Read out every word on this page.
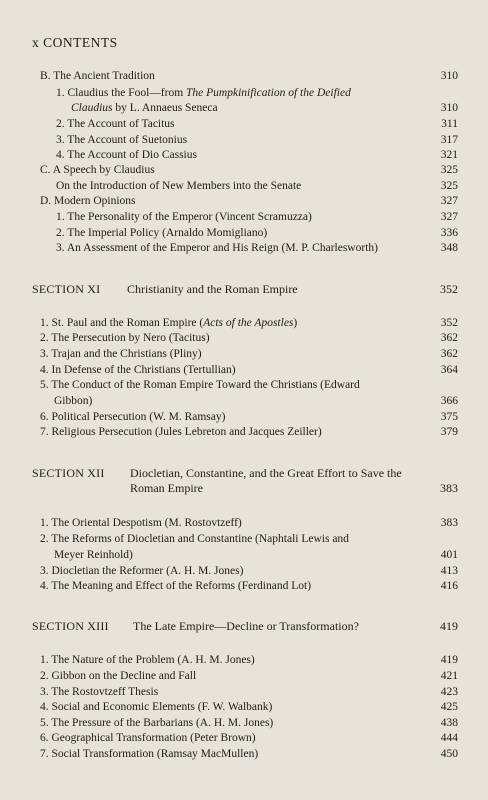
x CONTENTS
B. The Ancient Tradition	310
1. Claudius the Fool—from The Pumpkinification of the Deified
Claudius by L. Annaeus Seneca	310
2. The Account of Tacitus	311
3. The Account of Suetonius	317
4. The Account of Dio Cassius	321
C. A Speech by Claudius	325
On the Introduction of New Members into the Senate	325
D. Modern Opinions	327
1. The Personality of the Emperor (Vincent Scramuzza)	327
2. The Imperial Policy (Arnaldo Momigliano)	336
3. An Assessment of the Emperor and His Reign (M. P. Charlesworth)	348
SECTION XI Christianity and the Roman Empire	352
1. St. Paul and the Roman Empire (Acts of the Apostles)	352
2. The Persecution by Nero (Tacitus)	362
3. Trajan and the Christians (Pliny)	362
4. In Defense of the Christians (Tertullian)	364
5. The Conduct of the Roman Empire Toward the Christians (Edward
Gibbon)	366
6. Political Persecution (W. M. Ramsay)	375
7. Religious Persecution (Jules Lebreton and Jacques Zeiller)	379
SECTION XII Diocletian, Constantine, and the Great Effort to Save the
Roman Empire	383
1. The Oriental Despotism (M. Rostovtzeff)	383
2. The Reforms of Diocletian and Constantine (Naphtali Lewis and
Meyer Reinhold)	401
3. Diocletian the Reformer (A. H. M. Jones)	413
4. The Meaning and Effect of the Reforms (Ferdinand Lot)	416
SECTION XIII The Late Empire—Decline or Transformation?	419
1. The Nature of the Problem (A. H. M. Jones)	419
2. Gibbon on the Decline and Fall	421
3. The Rostovtzeff Thesis	423
4. Social and Economic Elements (F. W. Walbank)	425
5. The Pressure of the Barbarians (A. H. M. Jones)	438
6. Geographical Transformation (Peter Brown)	444
7. Social Transformation (Ramsay MacMullen)	450
